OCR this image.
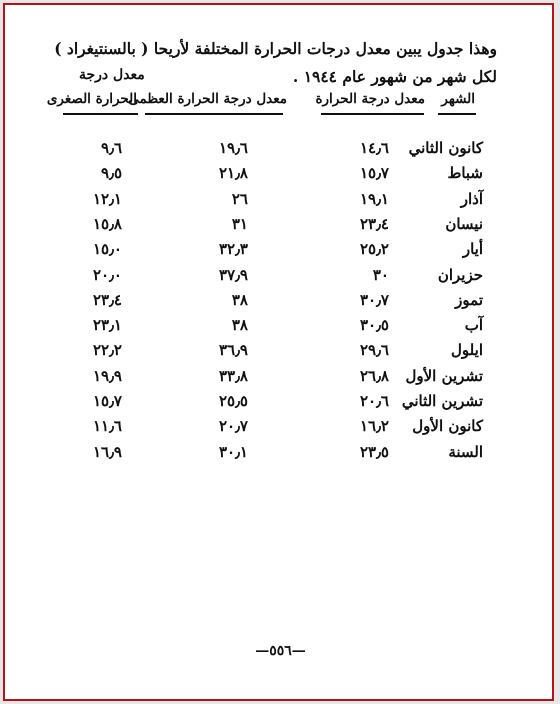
وهذا جدول يبين معدل درجات الحرارة المختلفة لأريحا ( بالسنتيغراد )
لكل شهر من شهور عام ١٩٤٤ .
معدل درجة
الشهر
معدل درجة الحرارة
معدل درجة الحرارة العظمى
الحرارة الصغرى
كانون الثاني
١٤٫٦
١٩٫٦
٩٫٦
شباط
١٥٫٧
٢١٫٨
٩٫٥
آذار
١٩٫١
٢٦
١٢٫١
نيسان
٢٣٫٤
٣١
١٥٫٨
أيار
٢٥٫٢
٣٢٫٣
١٥٫٠
حزيران
٣٠
٣٧٫٩
٢٠٫٠
تموز
٣٠٫٧
٣٨
٢٣٫٤
آب
٣٠٫٥
٣٨
٢٣٫١
ايلول
٢٩٫٦
٣٦٫٩
٢٢٫٢
تشرين الأول
٢٦٫٨
٣٣٫٨
١٩٫٩
تشرين الثاني
٢٠٫٦
٢٥٫٥
١٥٫٧
كانون الأول
١٦٫٢
٢٠٫٧
١١٫٦
السنة
٢٣٫٥
٣٠٫١
١٦٫٩
—٥٥٦—
